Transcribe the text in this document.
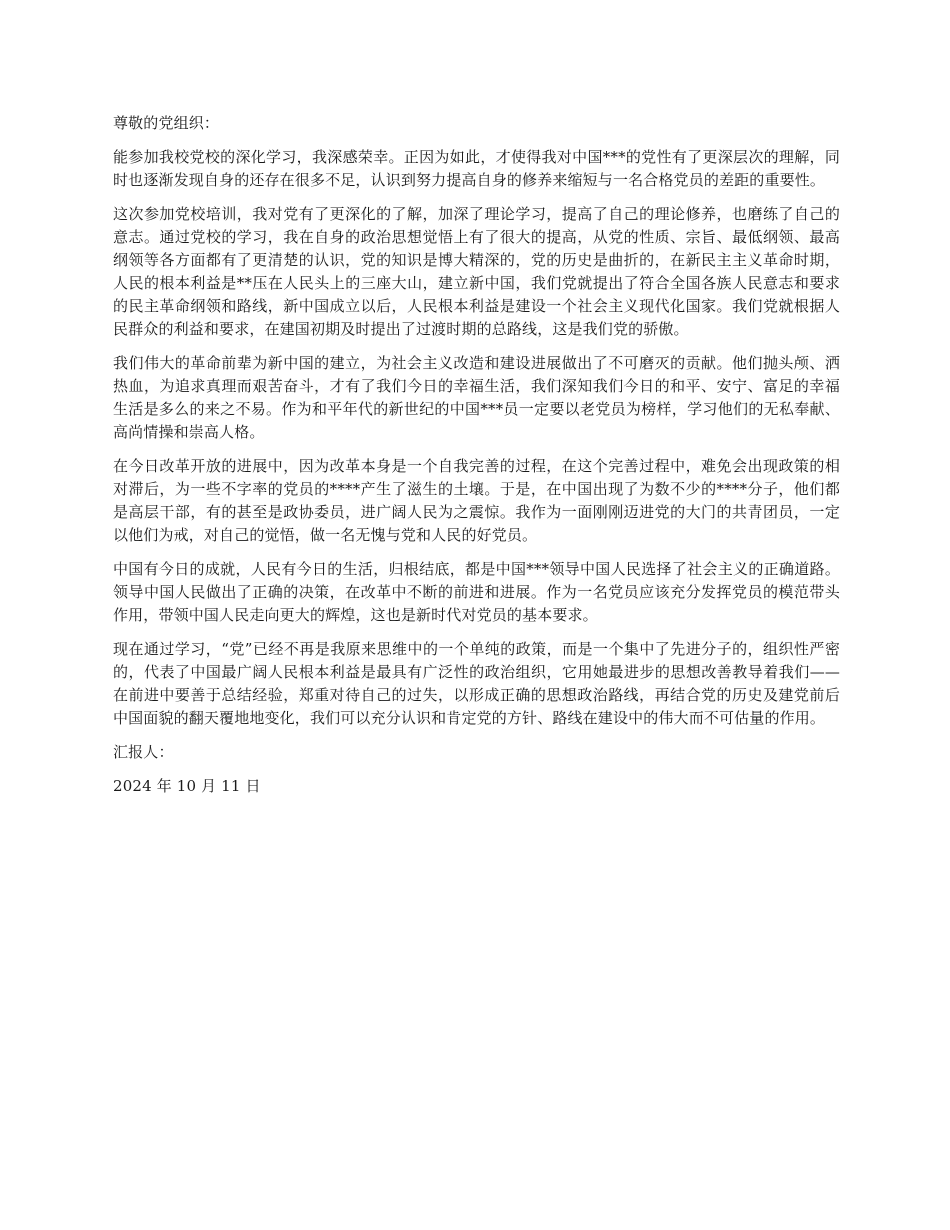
尊敬的党组织：

能参加我校党校的深化学习，我深感荣幸。正因为如此，才使得我对中国***的党性有了更深层次的理解，同时也逐渐发现自身的还存在很多不足，认识到努力提高自身的修养来缩短与一名合格党员的差距的重要性。

这次参加党校培训，我对党有了更深化的了解，加深了理论学习，提高了自己的理论修养，也磨练了自己的意志。通过党校的学习，我在自身的政治思想觉悟上有了很大的提高，从党的性质、宗旨、最低纲领、最高纲领等各方面都有了更清楚的认识，党的知识是博大精深的，党的历史是曲折的，在新民主主义革命时期，人民的根本利益是**压在人民头上的三座大山，建立新中国，我们党就提出了符合全国各族人民意志和要求的民主革命纲领和路线，新中国成立以后，人民根本利益是建设一个社会主义现代化国家。我们党就根据人民群众的利益和要求，在建国初期及时提出了过渡时期的总路线，这是我们党的骄傲。

我们伟大的革命前辈为新中国的建立，为社会主义改造和建设进展做出了不可磨灭的贡献。他们抛头颅、洒热血，为追求真理而艰苦奋斗，才有了我们今日的幸福生活，我们深知我们今日的和平、安宁、富足的幸福生活是多么的来之不易。作为和平年代的新世纪的中国***员一定要以老党员为榜样，学习他们的无私奉献、高尚情操和崇高人格。

在今日改革开放的进展中，因为改革本身是一个自我完善的过程，在这个完善过程中，难免会出现政策的相对滞后，为一些不字率的党员的****产生了滋生的土壤。于是，在中国出现了为数不少的****分子，他们都是高层干部，有的甚至是政协委员，进广阔人民为之震惊。我作为一面刚刚迈进党的大门的共青团员，一定以他们为戒，对自己的觉悟，做一名无愧与党和人民的好党员。

中国有今日的成就，人民有今日的生活，归根结底，都是中国***领导中国人民选择了社会主义的正确道路。领导中国人民做出了正确的决策，在改革中不断的前进和进展。作为一名党员应该充分发挥党员的模范带头作用，带领中国人民走向更大的辉煌，这也是新时代对党员的基本要求。

现在通过学习，“党”已经不再是我原来思维中的一个单纯的政策，而是一个集中了先进分子的，组织性严密的，代表了中国最广阔人民根本利益是最具有广泛性的政治组织，它用她最进步的思想改善教导着我们——在前进中要善于总结经验，郑重对待自己的过失，以形成正确的思想政治路线，再结合党的历史及建党前后中国面貌的翻天覆地地变化，我们可以充分认识和肯定党的方针、路线在建设中的伟大而不可估量的作用。

汇报人：

2024 年 10 月 11 日
